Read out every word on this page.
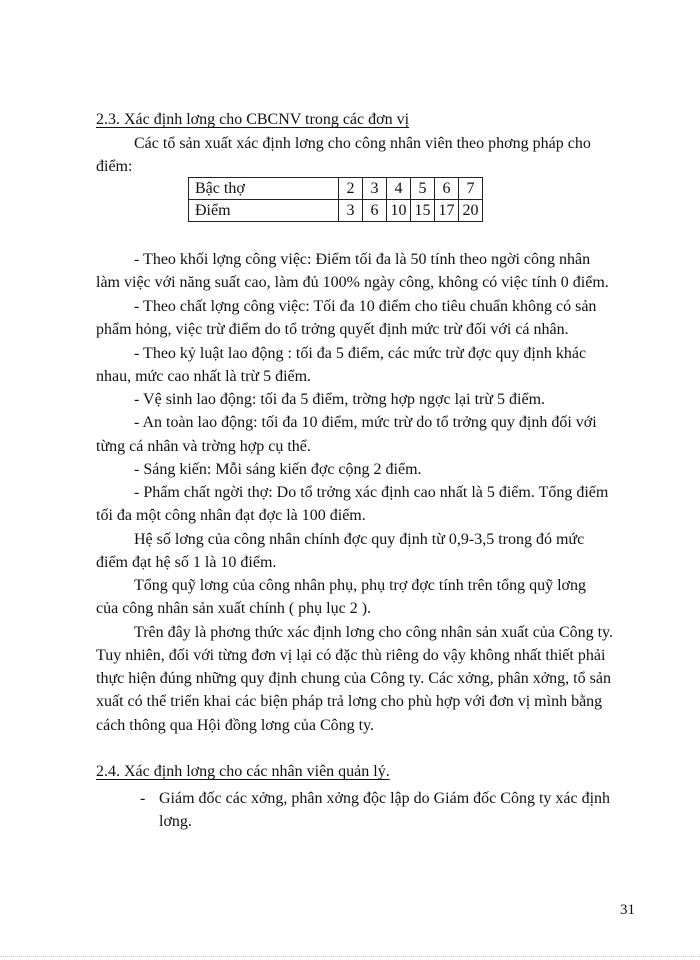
2.3. Xác định lơng cho CBCNV trong các đơn vị
Các tổ sản xuất xác định lơng cho công nhân viên theo phơng pháp cho
điểm:
Bậc thợ	2	3	4	5	6	7
Điểm	3	6	10	15	17	20
- Theo khối lợng công việc: Điểm tối đa là 50 tính theo ngời công nhân
làm việc với năng suất cao, làm đủ 100% ngày công, không có việc tính 0 điểm.
- Theo chất lợng công việc: Tối đa 10 điểm cho tiêu chuẩn không có sản
phẩm hỏng, việc trừ điểm do tổ trởng quyết định mức trừ đối với cá nhân.
- Theo kỷ luật lao động : tối đa 5 điểm, các mức trừ đợc quy định khác
nhau, mức cao nhất là trừ 5 điểm.
- Vệ sinh lao động: tối đa 5 điểm, trờng hợp ngợc lại trừ 5 điểm.
- An toàn lao động: tối đa 10 điểm, mức trừ do tổ trởng quy định đối với
từng cá nhân và trờng hợp cụ thể.
- Sáng kiến: Mỗi sáng kiến đợc cộng 2 điểm.
- Phẩm chất ngời thợ: Do tổ trởng xác định cao nhất là 5 điểm. Tổng điểm
tối đa một công nhân đạt đợc là 100 điểm.
Hệ số lơng của công nhân chính đợc quy định từ 0,9-3,5 trong đó mức
điểm đạt hệ số 1 là 10 điểm.
Tổng quỹ lơng của công nhân phụ, phụ trợ đợc tính trên tổng quỹ lơng
của công nhân sản xuất chính ( phụ lục 2 ).
Trên đây là phơng thức xác định lơng cho công nhân sản xuất của Công ty.
Tuy nhiên, đối với từng đơn vị lại có đặc thù riêng do vậy không nhất thiết phải
thực hiện đúng những quy định chung của Công ty. Các xởng, phân xởng, tổ sản
xuất có thể triển khai các biện pháp trả lơng cho phù hợp với đơn vị mình bằng
cách thông qua Hội đồng lơng của Công ty.
2.4. Xác định lơng cho các nhân viên quản lý.
- Giám đốc các xởng, phân xởng độc lập do Giám đốc Công ty xác định
lơng.
31
